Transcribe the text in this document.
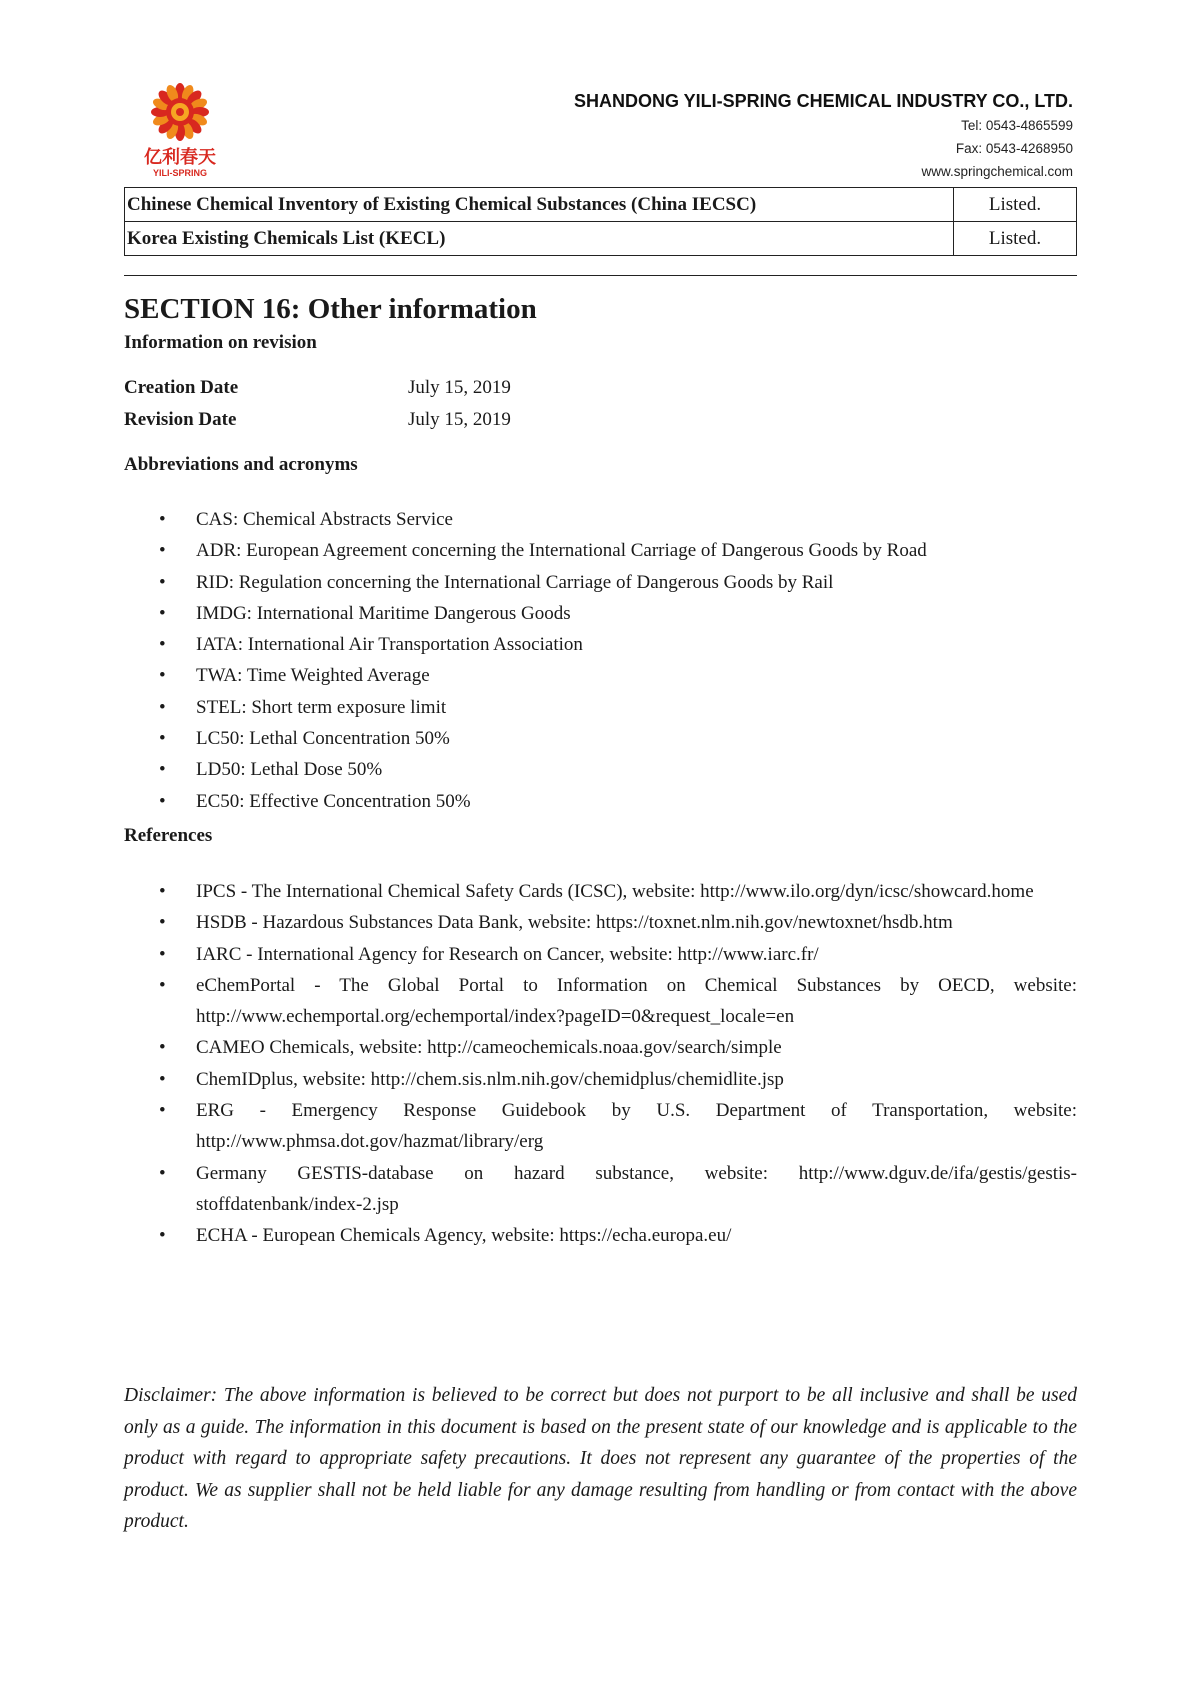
亿利春天
YILI-SPRING
SHANDONG YILI-SPRING CHEMICAL INDUSTRY CO., LTD.
Tel: 0543-4865599
Fax: 0543-4268950
www.springchemical.com
Chinese Chemical Inventory of Existing Chemical Substances (China IECSC)	Listed.
Korea Existing Chemicals List (KECL)	Listed.
SECTION 16: Other information
Information on revision
Creation Date	July 15, 2019
Revision Date	July 15, 2019
Abbreviations and acronyms
• CAS: Chemical Abstracts Service
• ADR: European Agreement concerning the International Carriage of Dangerous Goods by Road
• RID: Regulation concerning the International Carriage of Dangerous Goods by Rail
• IMDG: International Maritime Dangerous Goods
• IATA: International Air Transportation Association
• TWA: Time Weighted Average
• STEL: Short term exposure limit
• LC50: Lethal Concentration 50%
• LD50: Lethal Dose 50%
• EC50: Effective Concentration 50%
References
• IPCS - The International Chemical Safety Cards (ICSC), website: http://www.ilo.org/dyn/icsc/showcard.home
• HSDB - Hazardous Substances Data Bank, website: https://toxnet.nlm.nih.gov/newtoxnet/hsdb.htm
• IARC - International Agency for Research on Cancer, website: http://www.iarc.fr/
• eChemPortal - The Global Portal to Information on Chemical Substances by OECD, website: http://www.echemportal.org/echemportal/index?pageID=0&request_locale=en
• CAMEO Chemicals, website: http://cameochemicals.noaa.gov/search/simple
• ChemIDplus, website: http://chem.sis.nlm.nih.gov/chemidplus/chemidlite.jsp
• ERG - Emergency Response Guidebook by U.S. Department of Transportation, website: http://www.phmsa.dot.gov/hazmat/library/erg
• Germany GESTIS-database on hazard substance, website: http://www.dguv.de/ifa/gestis/gestis-stoffdatenbank/index-2.jsp
• ECHA - European Chemicals Agency, website: https://echa.europa.eu/
Disclaimer: The above information is believed to be correct but does not purport to be all inclusive and shall be used only as a guide. The information in this document is based on the present state of our knowledge and is applicable to the product with regard to appropriate safety precautions. It does not represent any guarantee of the properties of the product. We as supplier shall not be held liable for any damage resulting from handling or from contact with the above product.
